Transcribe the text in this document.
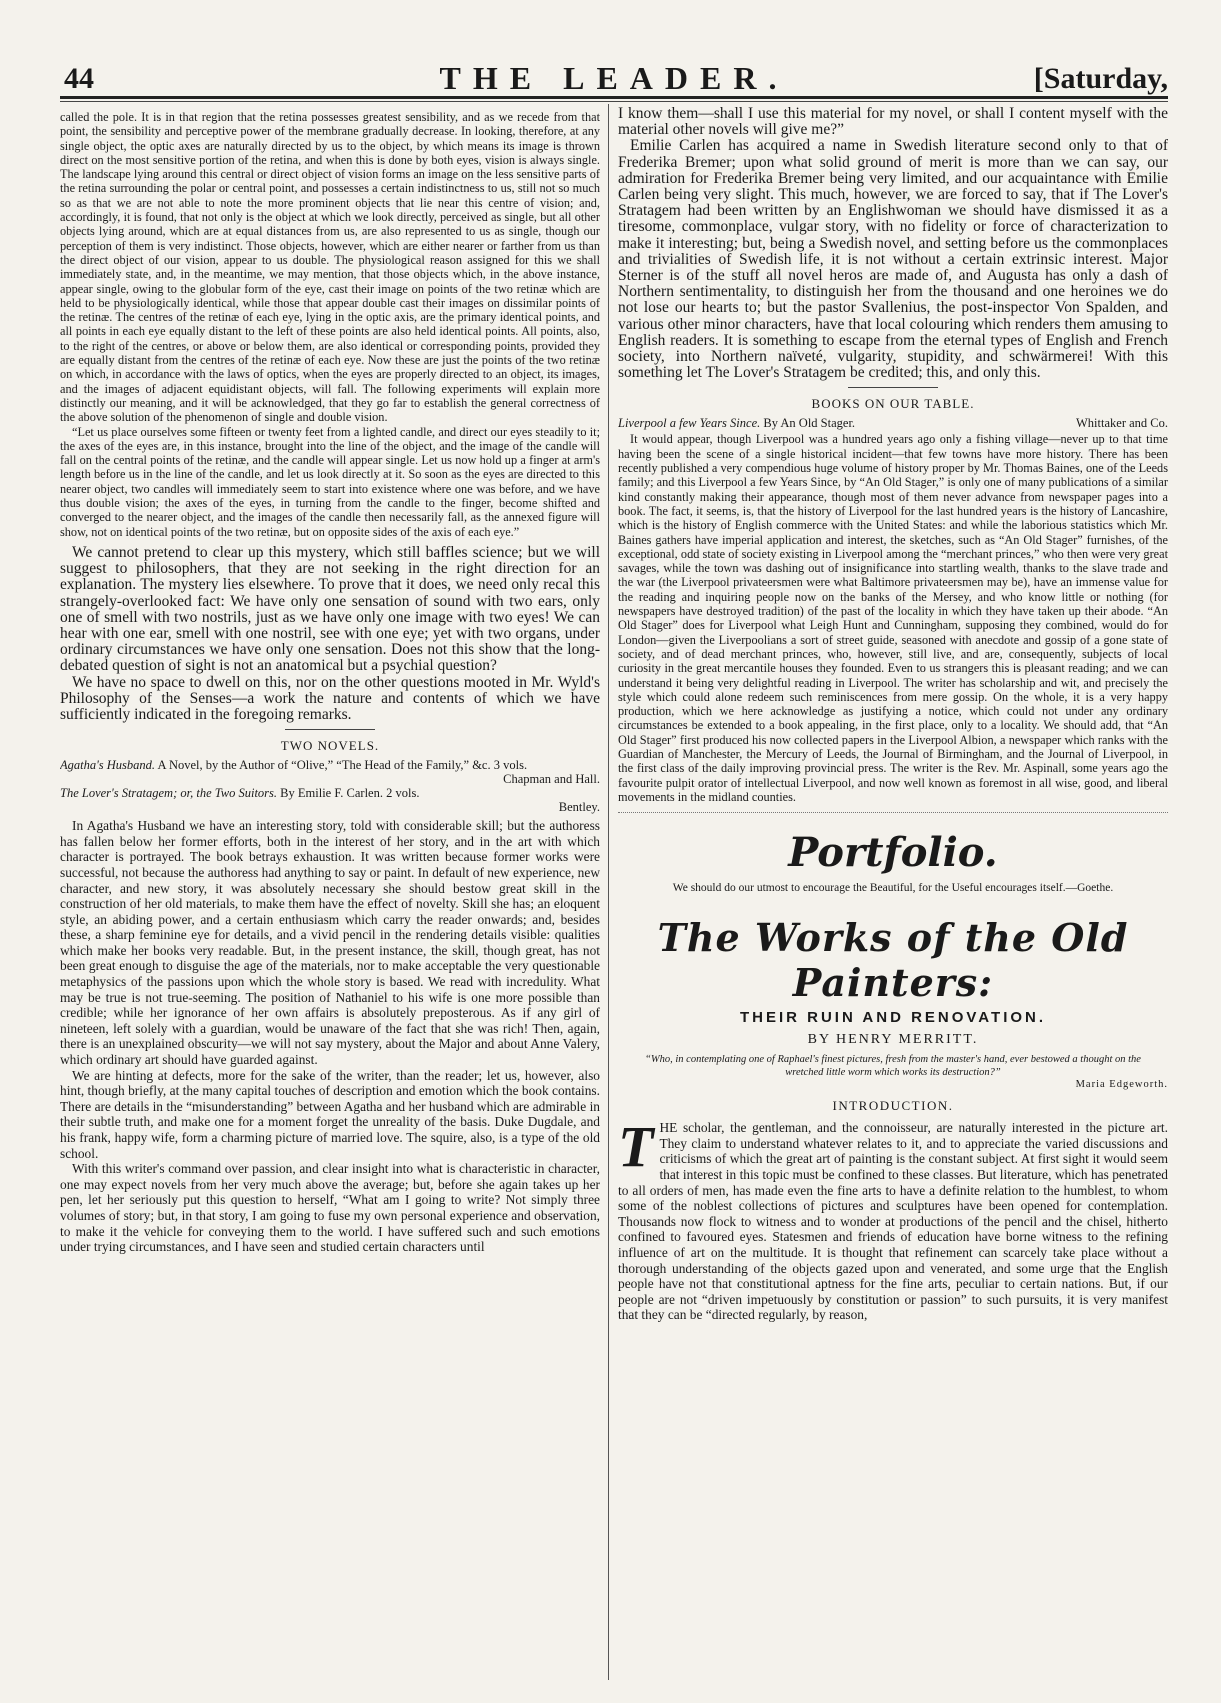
44	THE LEADER.	[Saturday,

called the pole. It is in that region that the retina possesses greatest sensibility, and as we recede from that point, the sensibility and perceptive power of the membrane gradually decrease. In looking, therefore, at any single object, the optic axes are naturally directed by us to the object, by which means its image is thrown direct on the most sensitive portion of the retina, and when this is done by both eyes, vision is always single. The landscape lying around this central or direct object of vision forms an image on the less sensitive parts of the retina surrounding the polar or central point, and possesses a certain indistinctness to us, still not so much so as that we are not able to note the more prominent objects that lie near this centre of vision; and, accordingly, it is found, that not only is the object at which we look directly, perceived as single, but all other objects lying around, which are at equal distances from us, are also represented to us as single, though our perception of them is very indistinct. Those objects, however, which are either nearer or farther from us than the direct object of our vision, appear to us double. The physiological reason assigned for this we shall immediately state, and, in the meantime, we may mention, that those objects which, in the above instance, appear single, owing to the globular form of the eye, cast their image on points of the two retinæ which are held to be physiologically identical, while those that appear double cast their images on dissimilar points of the retinæ. The centres of the retinæ of each eye, lying in the optic axis, are the primary identical points, and all points in each eye equally distant to the left of these points are also held identical points. All points, also, to the right of the centres, or above or below them, are also identical or corresponding points, provided they are equally distant from the centres of the retinæ of each eye. Now these are just the points of the two retinæ on which, in accordance with the laws of optics, when the eyes are properly directed to an object, its images, and the images of adjacent equidistant objects, will fall. The following experiments will explain more distinctly our meaning, and it will be acknowledged, that they go far to establish the general correctness of the above solution of the phenomenon of single and double vision.

“Let us place ourselves some fifteen or twenty feet from a lighted candle, and direct our eyes steadily to it; the axes of the eyes are, in this instance, brought into the line of the object, and the image of the candle will fall on the central points of the retinæ, and the candle will appear single. Let us now hold up a finger at arm's length before us in the line of the candle, and let us look directly at it. So soon as the eyes are directed to this nearer object, two candles will immediately seem to start into existence where one was before, and we have thus double vision; the axes of the eyes, in turning from the candle to the finger, become shifted and converged to the nearer object, and the images of the candle then necessarily fall, as the annexed figure will show, not on identical points of the two retinæ, but on opposite sides of the axis of each eye.”

We cannot pretend to clear up this mystery, which still baffles science; but we will suggest to philosophers, that they are not seeking in the right direction for an explanation. The mystery lies elsewhere. To prove that it does, we need only recal this strangely-overlooked fact: We have only one sensation of sound with two ears, only one of smell with two nostrils, just as we have only one image with two eyes! We can hear with one ear, smell with one nostril, see with one eye; yet with two organs, under ordinary circumstances we have only one sensation. Does not this show that the long-debated question of sight is not an anatomical but a psychial question?

We have no space to dwell on this, nor on the other questions mooted in Mr. Wyld's Philosophy of the Senses—a work the nature and contents of which we have sufficiently indicated in the foregoing remarks.

TWO NOVELS.
Agatha's Husband. A Novel, by the Author of “Olive,” “The Head of the Family,” &c. 3 vols.
Chapman and Hall.
The Lover's Stratagem; or, the Two Suitors. By Emilie F. Carlen. 2 vols.
Bentley.

In Agatha's Husband we have an interesting story, told with considerable skill; but the authoress has fallen below her former efforts, both in the interest of her story, and in the art with which character is portrayed. The book betrays exhaustion. It was written because former works were successful, not because the authoress had anything to say or paint. In default of new experience, new character, and new story, it was absolutely necessary she should bestow great skill in the construction of her old materials, to make them have the effect of novelty. Skill she has; an eloquent style, an abiding power, and a certain enthusiasm which carry the reader onwards; and, besides these, a sharp feminine eye for details, and a vivid pencil in the rendering details visible: qualities which make her books very readable. But, in the present instance, the skill, though great, has not been great enough to disguise the age of the materials, nor to make acceptable the very questionable metaphysics of the passions upon which the whole story is based. We read with incredulity. What may be true is not true-seeming. The position of Nathaniel to his wife is one more possible than credible; while her ignorance of her own affairs is absolutely preposterous. As if any girl of nineteen, left solely with a guardian, would be unaware of the fact that she was rich! Then, again, there is an unexplained obscurity—we will not say mystery, about the Major and about Anne Valery, which ordinary art should have guarded against.

We are hinting at defects, more for the sake of the writer, than the reader; let us, however, also hint, though briefly, at the many capital touches of description and emotion which the book contains. There are details in the “misunderstanding” between Agatha and her husband which are admirable in their subtle truth, and make one for a moment forget the unreality of the basis. Duke Dugdale, and his frank, happy wife, form a charming picture of married love. The squire, also, is a type of the old school.

With this writer's command over passion, and clear insight into what is characteristic in character, one may expect novels from her very much above the average; but, before she again takes up her pen, let her seriously put this question to herself, “What am I going to write? Not simply three volumes of story; but, in that story, I am going to fuse my own personal experience and observation, to make it the vehicle for conveying them to the world. I have suffered such and such emotions under trying circumstances, and I have seen and studied certain characters until

I know them—shall I use this material for my novel, or shall I content myself with the material other novels will give me?”

Emilie Carlen has acquired a name in Swedish literature second only to that of Frederika Bremer; upon what solid ground of merit is more than we can say, our admiration for Frederika Bremer being very limited, and our acquaintance with Emilie Carlen being very slight. This much, however, we are forced to say, that if The Lover's Stratagem had been written by an Englishwoman we should have dismissed it as a tiresome, commonplace, vulgar story, with no fidelity or force of characterization to make it interesting; but, being a Swedish novel, and setting before us the commonplaces and trivialities of Swedish life, it is not without a certain extrinsic interest. Major Sterner is of the stuff all novel heros are made of, and Augusta has only a dash of Northern sentimentality, to distinguish her from the thousand and one heroines we do not lose our hearts to; but the pastor Svallenius, the post-inspector Von Spalden, and various other minor characters, have that local colouring which renders them amusing to English readers. It is something to escape from the eternal types of English and French society, into Northern naïveté, vulgarity, stupidity, and schwärmerei! With this something let The Lover's Stratagem be credited; this, and only this.

BOOKS ON OUR TABLE.
Liverpool a few Years Since. By An Old Stager.	Whittaker and Co.

It would appear, though Liverpool was a hundred years ago only a fishing village—never up to that time having been the scene of a single historical incident—that few towns have more history. There has been recently published a very compendious huge volume of history proper by Mr. Thomas Baines, one of the Leeds family; and this Liverpool a few Years Since, by “An Old Stager,” is only one of many publications of a similar kind constantly making their appearance, though most of them never advance from newspaper pages into a book. The fact, it seems, is, that the history of Liverpool for the last hundred years is the history of Lancashire, which is the history of English commerce with the United States: and while the laborious statistics which Mr. Baines gathers have imperial application and interest, the sketches, such as “An Old Stager” furnishes, of the exceptional, odd state of society existing in Liverpool among the “merchant princes,” who then were very great savages, while the town was dashing out of insignificance into startling wealth, thanks to the slave trade and the war (the Liverpool privateersmen were what Baltimore privateersmen may be), have an immense value for the reading and inquiring people now on the banks of the Mersey, and who know little or nothing (for newspapers have destroyed tradition) of the past of the locality in which they have taken up their abode. “An Old Stager” does for Liverpool what Leigh Hunt and Cunningham, supposing they combined, would do for London—given the Liverpoolians a sort of street guide, seasoned with anecdote and gossip of a gone state of society, and of dead merchant princes, who, however, still live, and are, consequently, subjects of local curiosity in the great mercantile houses they founded. Even to us strangers this is pleasant reading; and we can understand it being very delightful reading in Liverpool. The writer has scholarship and wit, and precisely the style which could alone redeem such reminiscences from mere gossip. On the whole, it is a very happy production, which we here acknowledge as justifying a notice, which could not under any ordinary circumstances be extended to a book appealing, in the first place, only to a locality. We should add, that “An Old Stager” first produced his now collected papers in the Liverpool Albion, a newspaper which ranks with the Guardian of Manchester, the Mercury of Leeds, the Journal of Birmingham, and the Journal of Liverpool, in the first class of the daily improving provincial press. The writer is the Rev. Mr. Aspinall, some years ago the favourite pulpit orator of intellectual Liverpool, and now well known as foremost in all wise, good, and liberal movements in the midland counties.

Portfolio.
We should do our utmost to encourage the Beautiful, for the Useful encourages itself.—Goethe.
The Works of the Old Painters:
THEIR RUIN AND RENOVATION.
BY HENRY MERRITT.
“Who, in contemplating one of Raphael's finest pictures, fresh from the master's hand, ever bestowed a thought on the wretched little worm which works its destruction?”
Maria Edgeworth.
INTRODUCTION.

THE scholar, the gentleman, and the connoisseur, are naturally interested in the picture art. They claim to understand whatever relates to it, and to appreciate the varied discussions and criticisms of which the great art of painting is the constant subject. At first sight it would seem that interest in this topic must be confined to these classes. But literature, which has penetrated to all orders of men, has made even the fine arts to have a definite relation to the humblest, to whom some of the noblest collections of pictures and sculptures have been opened for contemplation. Thousands now flock to witness and to wonder at productions of the pencil and the chisel, hitherto confined to favoured eyes. Statesmen and friends of education have borne witness to the refining influence of art on the multitude. It is thought that refinement can scarcely take place without a thorough understanding of the objects gazed upon and venerated, and some urge that the English people have not that constitutional aptness for the fine arts, peculiar to certain nations. But, if our people are not “driven impetuously by constitution or passion” to such pursuits, it is very manifest that they can be “directed regularly, by reason,
